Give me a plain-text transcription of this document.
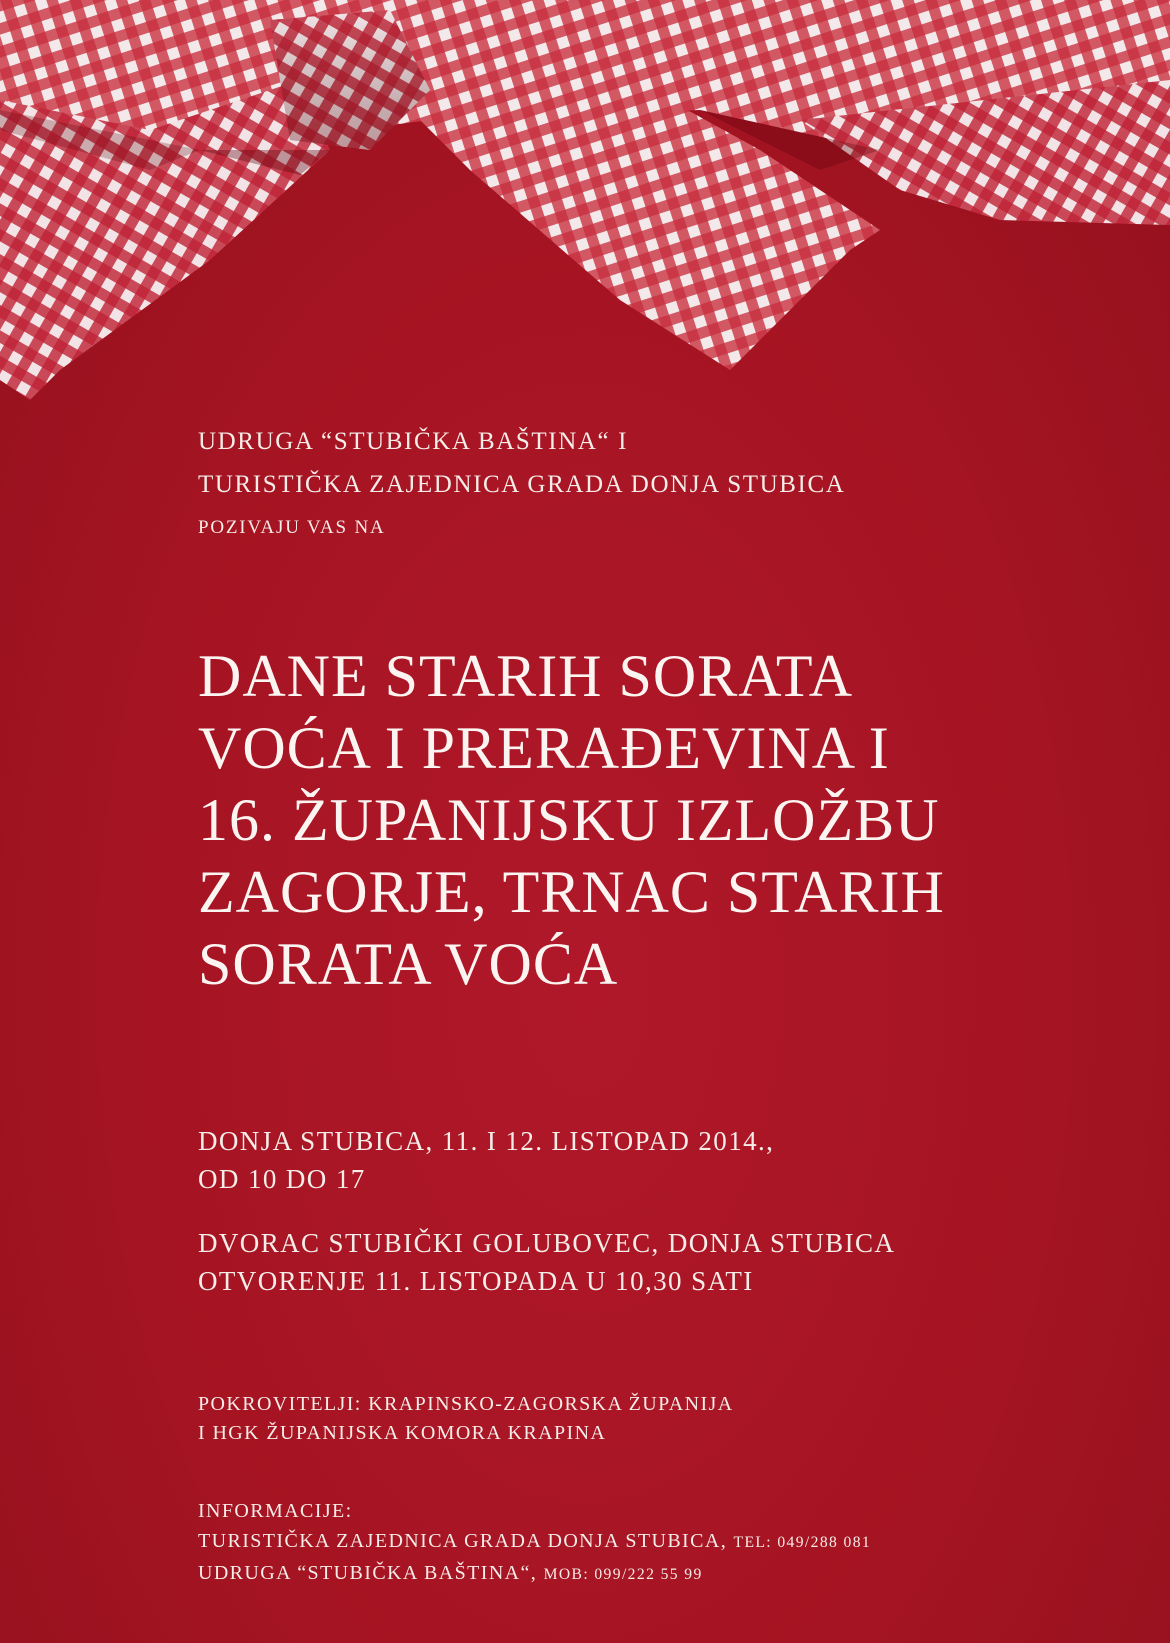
UDRUGA “STUBIČKA BAŠTINA“ I
TURISTIČKA ZAJEDNICA GRADA DONJA STUBICA
POZIVAJU VAS NA
DANE STARIH SORATA
VOĆA I PRERAĐEVINA I
16. ŽUPANIJSKU IZLOŽBU
ZAGORJE, TRNAC STARIH
SORATA VOĆA
DONJA STUBICA, 11. I 12. LISTOPAD 2014.,
OD 10 DO 17
DVORAC STUBIČKI GOLUBOVEC, DONJA STUBICA
OTVORENJE 11. LISTOPADA U 10,30 SATI
POKROVITELJI: KRAPINSKO-ZAGORSKA ŽUPANIJA
I HGK ŽUPANIJSKA KOMORA KRAPINA
INFORMACIJE:
TURISTIČKA ZAJEDNICA GRADA DONJA STUBICA, TEL: 049/288 081
UDRUGA “STUBIČKA BAŠTINA“, MOB: 099/222 55 99
